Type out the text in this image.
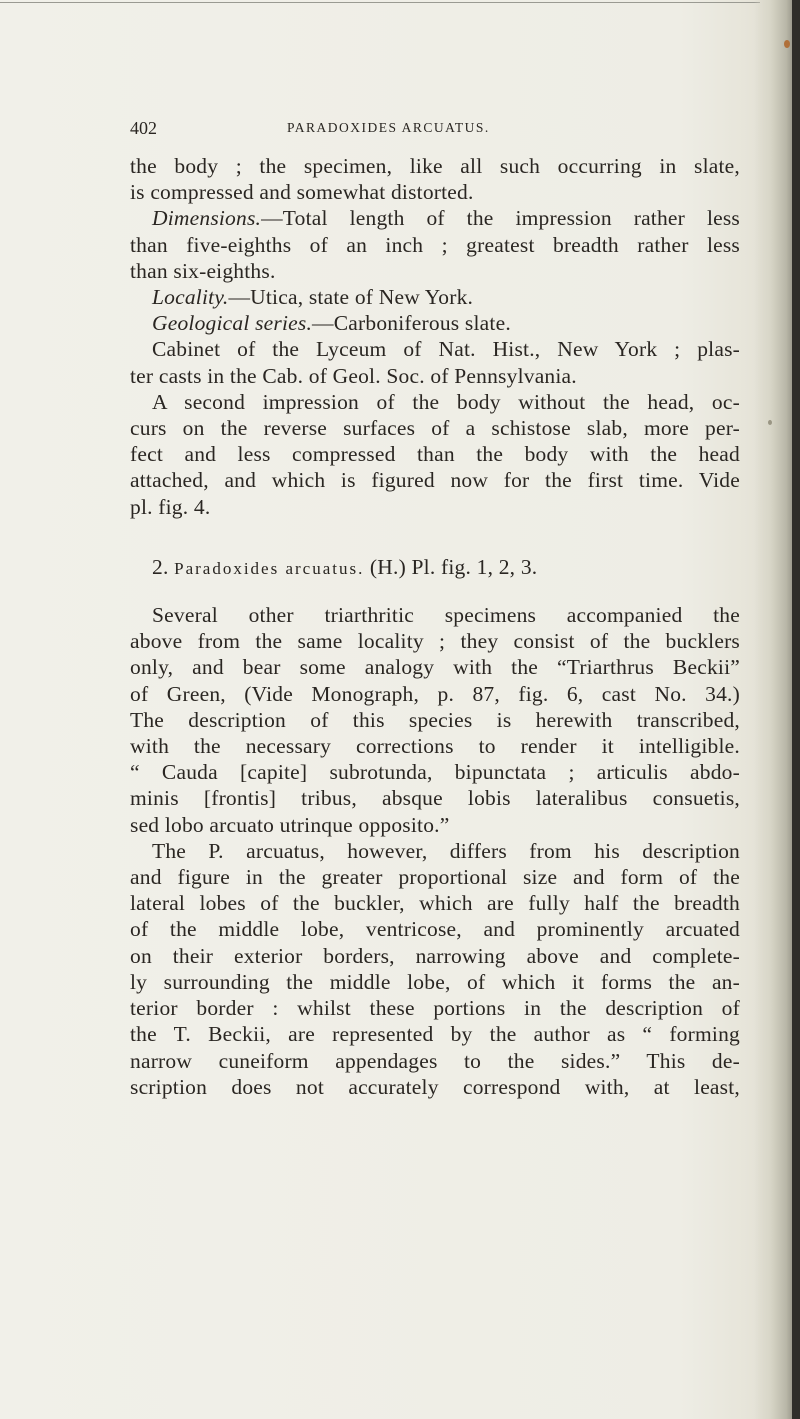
402	PARADOXIDES ARCUATUS.

the body ; the specimen, like all such occurring in slate,
is compressed and somewhat distorted.

Dimensions.—Total length of the impression rather less

than five-eighths of an inch ; greatest breadth rather less
than six-eighths.

Locality.—Utica, state of New York.

Geological series.—Carboniferous slate.

Cabinet of the Lyceum of Nat. Hist., New York ; plas-

ter casts in the Cab. of Geol. Soc. of Pennsylvania.

A second impression of the body without the head, oc-

curs on the reverse surfaces of a schistose slab, more per-
fect and less compressed than the body with the head
attached, and which is figured now for the first time. Vide
pl. fig. 4.

2. Paradoxides arcuatus. (H.) Pl. fig. 1, 2, 3.

Several other triarthritic specimens accompanied the

above from the same locality ; they consist of the bucklers
only, and bear some analogy with the “Triarthrus Beckii”
of Green, (Vide Monograph, p. 87, fig. 6, cast No. 34.)
The description of this species is herewith transcribed,
with the necessary corrections to render it intelligible.
“ Cauda [capite] subrotunda, bipunctata ; articulis abdo-
minis [frontis] tribus, absque lobis lateralibus consuetis,
sed lobo arcuato utrinque opposito.”

The P. arcuatus, however, differs from his description

and figure in the greater proportional size and form of the
lateral lobes of the buckler, which are fully half the breadth
of the middle lobe, ventricose, and prominently arcuated
on their exterior borders, narrowing above and complete-
ly surrounding the middle lobe, of which it forms the an-
terior border : whilst these portions in the description of
the T. Beckii, are represented by the author as “ forming
narrow cuneiform appendages to the sides.” This de-
scription does not accurately correspond with, at least,
